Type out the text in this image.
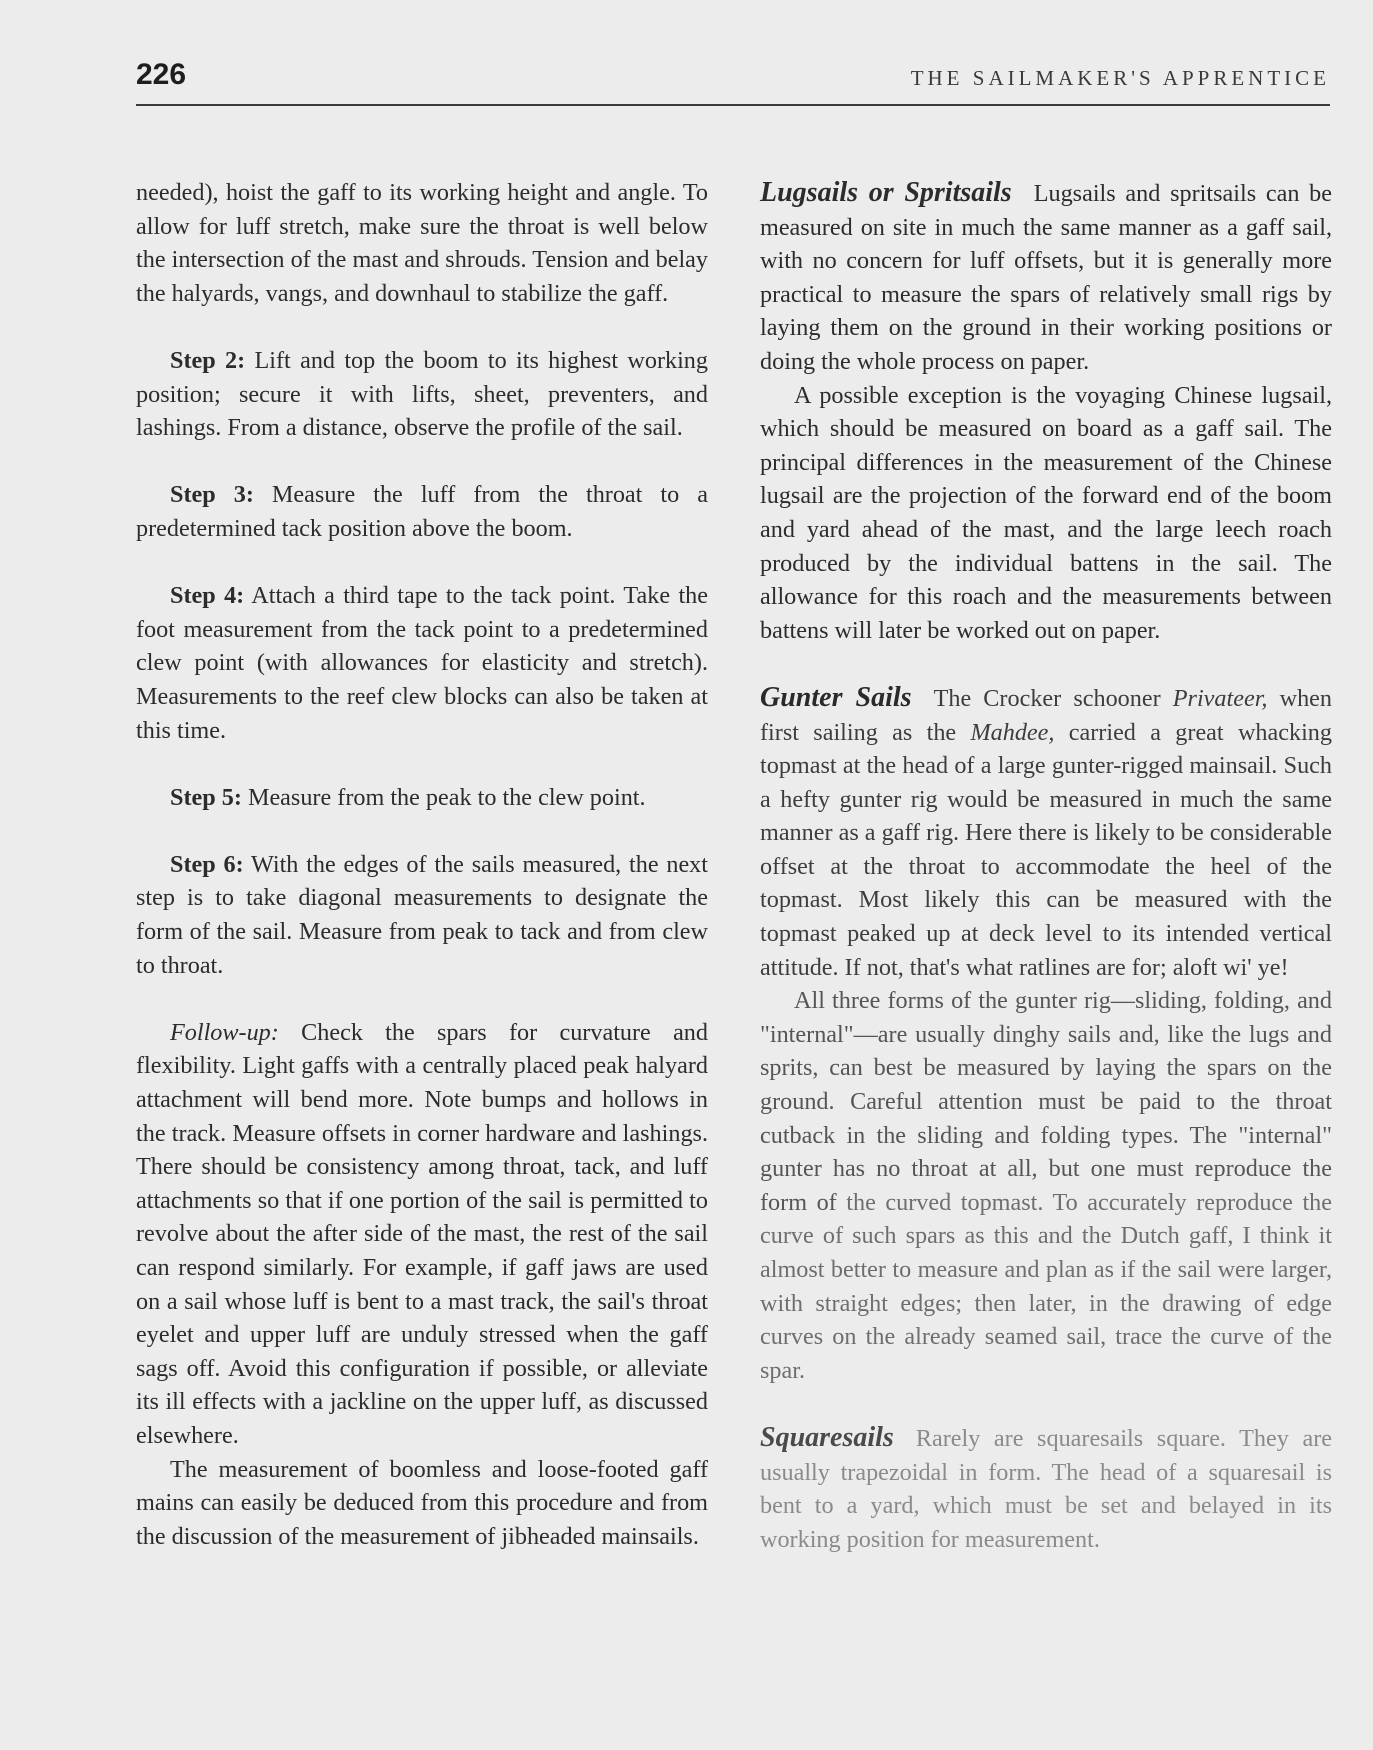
226	THE SAILMAKER'S APPRENTICE

needed), hoist the gaff to its working height and angle. To allow for luff stretch, make sure the throat is well below the intersection of the mast and shrouds. Tension and belay the halyards, vangs, and downhaul to stabilize the gaff.

Step 2: Lift and top the boom to its highest working position; secure it with lifts, sheet, preventers, and lashings. From a distance, observe the profile of the sail.

Step 3: Measure the luff from the throat to a predetermined tack position above the boom.

Step 4: Attach a third tape to the tack point. Take the foot measurement from the tack point to a predetermined clew point (with allowances for elasticity and stretch). Measurements to the reef clew blocks can also be taken at this time.

Step 5: Measure from the peak to the clew point.

Step 6: With the edges of the sails measured, the next step is to take diagonal measurements to designate the form of the sail. Measure from peak to tack and from clew to throat.

Follow-up: Check the spars for curvature and flexibility. Light gaffs with a centrally placed peak halyard attachment will bend more. Note bumps and hollows in the track. Measure offsets in corner hardware and lashings. There should be consistency among throat, tack, and luff attachments so that if one portion of the sail is permitted to revolve about the after side of the mast, the rest of the sail can respond similarly. For example, if gaff jaws are used on a sail whose luff is bent to a mast track, the sail's throat eyelet and upper luff are unduly stressed when the gaff sags off. Avoid this configuration if possible, or alleviate its ill effects with a jackline on the upper luff, as discussed elsewhere.

The measurement of boomless and loose-footed gaff mains can easily be deduced from this procedure and from the discussion of the measurement of jibheaded mainsails.

Lugsails or Spritsails Lugsails and spritsails can be measured on site in much the same manner as a gaff sail, with no concern for luff offsets, but it is generally more practical to measure the spars of relatively small rigs by laying them on the ground in their working positions or doing the whole process on paper.

A possible exception is the voyaging Chinese lugsail, which should be measured on board as a gaff sail. The principal differences in the measurement of the Chinese lugsail are the projection of the forward end of the boom and yard ahead of the mast, and the large leech roach produced by the individual battens in the sail. The allowance for this roach and the measurements between battens will later be worked out on paper.

Gunter Sails The Crocker schooner Privateer, when first sailing as the Mahdee, carried a great whacking topmast at the head of a large gunter-rigged mainsail. Such a hefty gunter rig would be measured in much the same manner as a gaff rig. Here there is likely to be considerable offset at the throat to accommodate the heel of the topmast. Most likely this can be measured with the topmast peaked up at deck level to its intended vertical attitude. If not, that's what ratlines are for; aloft wi' ye!

All three forms of the gunter rig—sliding, folding, and "internal"—are usually dinghy sails and, like the lugs and sprits, can best be measured by laying the spars on the ground. Careful attention must be paid to the throat cutback in the sliding and folding types. The "internal" gunter has no throat at all, but one must reproduce the form of the curved topmast. To accurately reproduce the curve of such spars as this and the Dutch gaff, I think it almost better to measure and plan as if the sail were larger, with straight edges; then later, in the drawing of edge curves on the already seamed sail, trace the curve of the spar.

Squaresails Rarely are squaresails square. They are usually trapezoidal in form. The head of a squaresail is bent to a yard, which must be set and belayed in its working position for measurement.
